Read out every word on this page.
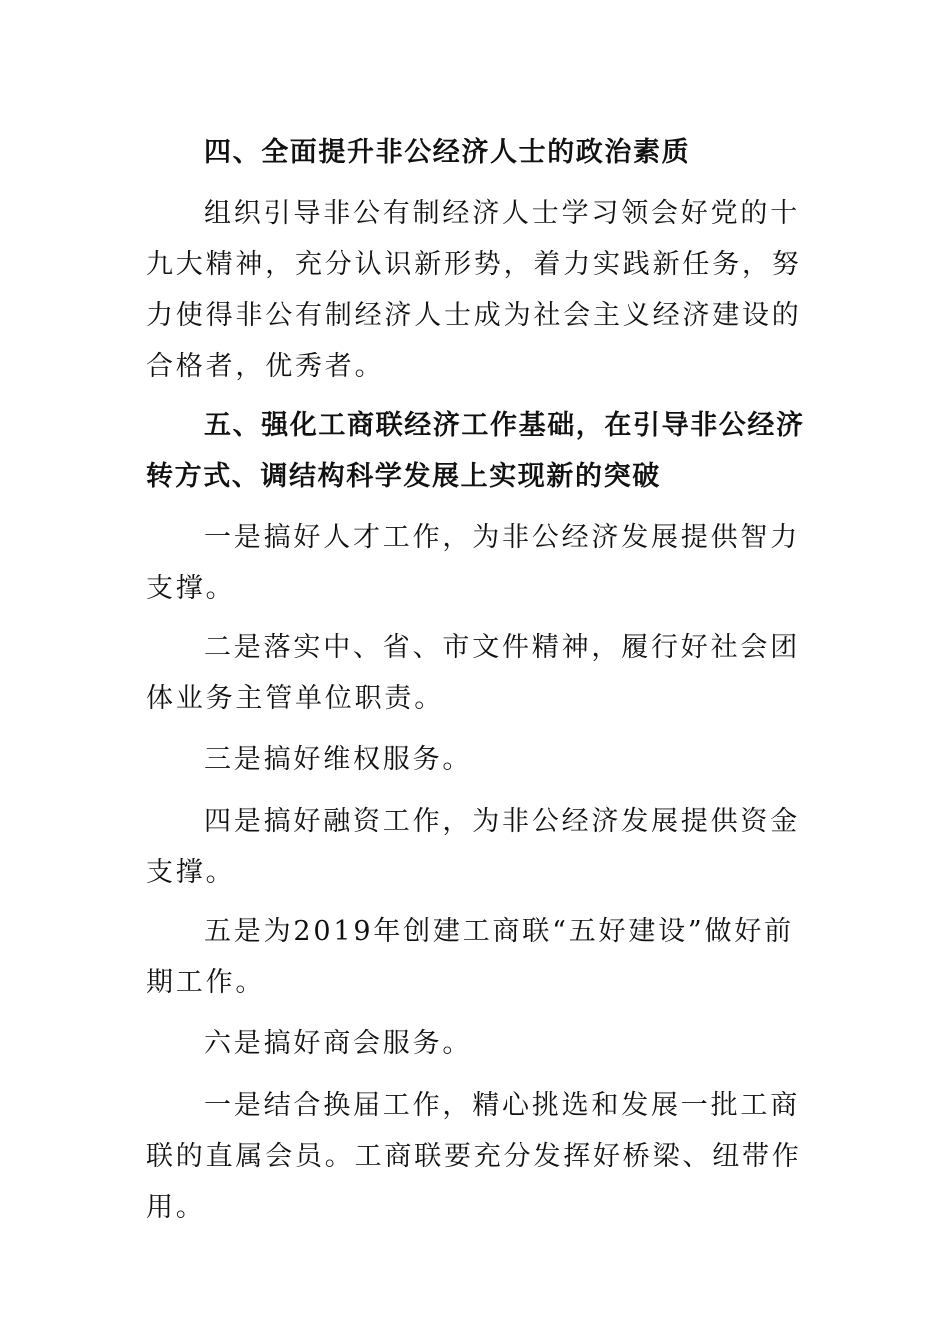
四、全面提升非公经济人士的政治素质

组织引导非公有制经济人士学习领会好党的十九大精神，充分认识新形势，着力实践新任务，努力使得非公有制经济人士成为社会主义经济建设的合格者，优秀者。

五、强化工商联经济工作基础，在引导非公经济转方式、调结构科学发展上实现新的突破

一是搞好人才工作，为非公经济发展提供智力支撑。

二是落实中、省、市文件精神，履行好社会团体业务主管单位职责。

三是搞好维权服务。

四是搞好融资工作，为非公经济发展提供资金支撑。

五是为2019年创建工商联“五好建设”做好前期工作。

六是搞好商会服务。

一是结合换届工作，精心挑选和发展一批工商联的直属会员。工商联要充分发挥好桥梁、纽带作用。
